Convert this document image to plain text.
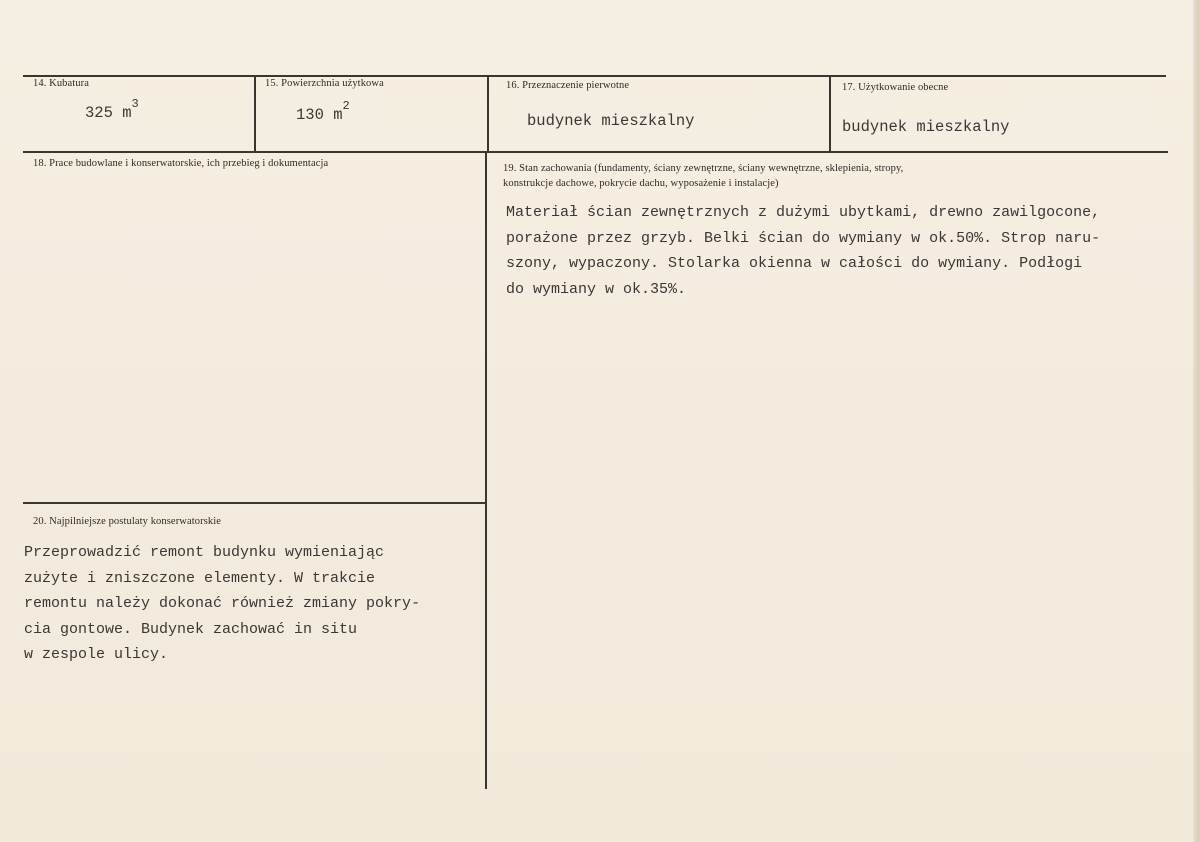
14. Kubatura
325 $m^3$
15. Powierzchnia użytkowa
130 $m^2$
16. Przeznaczenie pierwotne
budynek mieszkalny
17. Użytkowanie obecne
budynek mieszkalny
18. Prace budowlane i konserwatorskie, ich przebieg i dokumentacja	19. Stan zachowania (fundamenty, ściany zewnętrzne, ściany wewnętrzne, sklepienia, stropy,
konstrukcje dachowe, pokrycie dachu, wyposażenie i instalacje)
Materiał ścian zewnętrznych z dużymi ubytkami, drewno zawilgocone,
porażone przez grzyb. Belki ścian do wymiany w ok.50%. Strop naru-
szony, wypaczony. Stolarka okienna w całości do wymiany. Podłogi
do wymiany w ok.35%.
20. Najpilniejsze postulaty konserwatorskie
Przeprowadzić remont budynku wymieniając
zużyte i zniszczone elementy. W trakcie
remontu należy dokonać również zmiany pokry-
cia gontowe. Budynek zachować in situ
w zespole ulicy.
